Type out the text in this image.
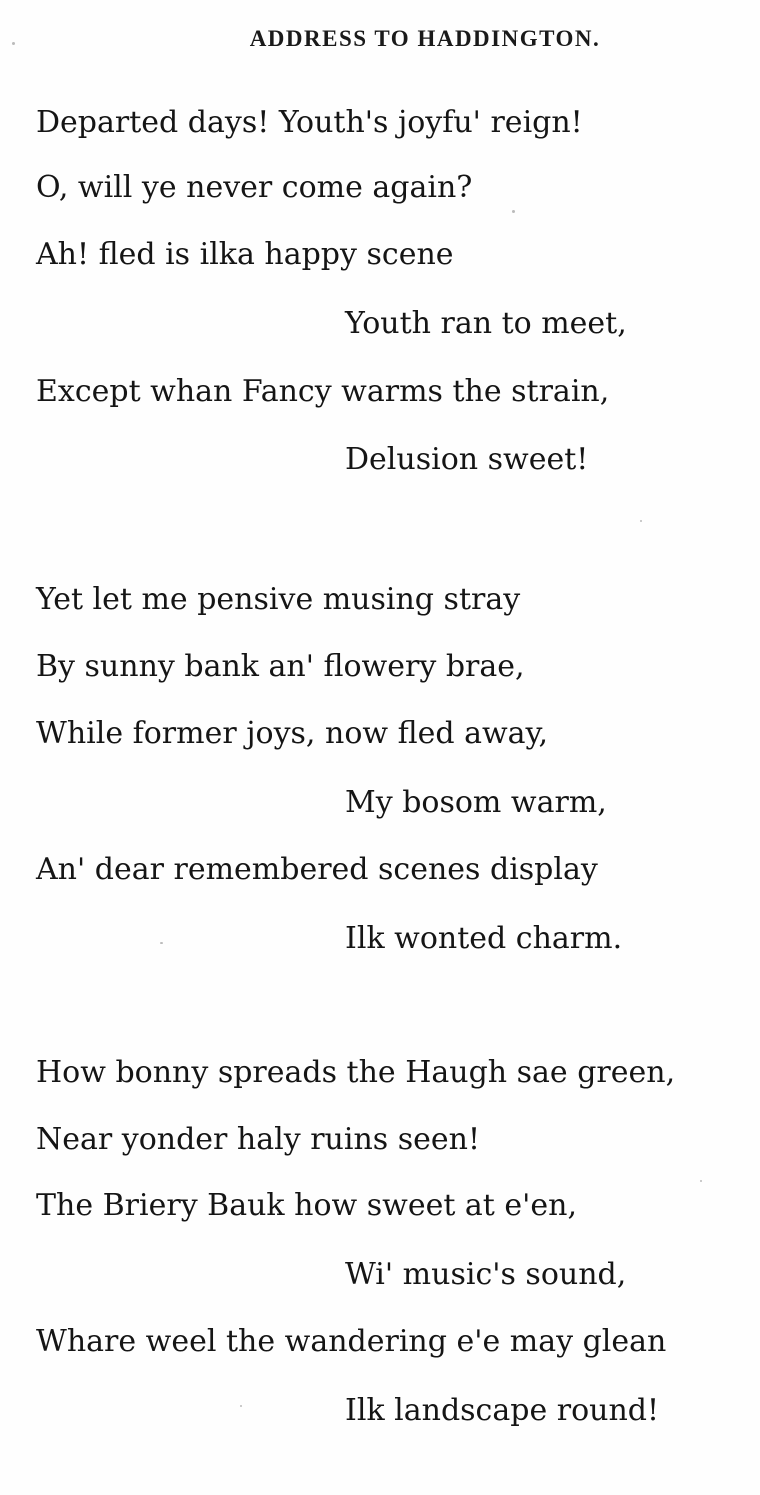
ADDRESS TO HADDINGTON.
Departed days! Youth's joyfu' reign!
O, will ye never come again?
Ah! fled is ilka happy scene
Youth ran to meet,
Except whan Fancy warms the strain,
Delusion sweet!
Yet let me pensive musing stray
By sunny bank an' flowery brae,
While former joys, now fled away,
My bosom warm,
An' dear remembered scenes display
Ilk wonted charm.
How bonny spreads the Haugh sae green,
Near yonder haly ruins seen!
The Briery Bauk how sweet at e'en,
Wi' music's sound,
Whare weel the wandering e'e may glean
Ilk landscape round!
